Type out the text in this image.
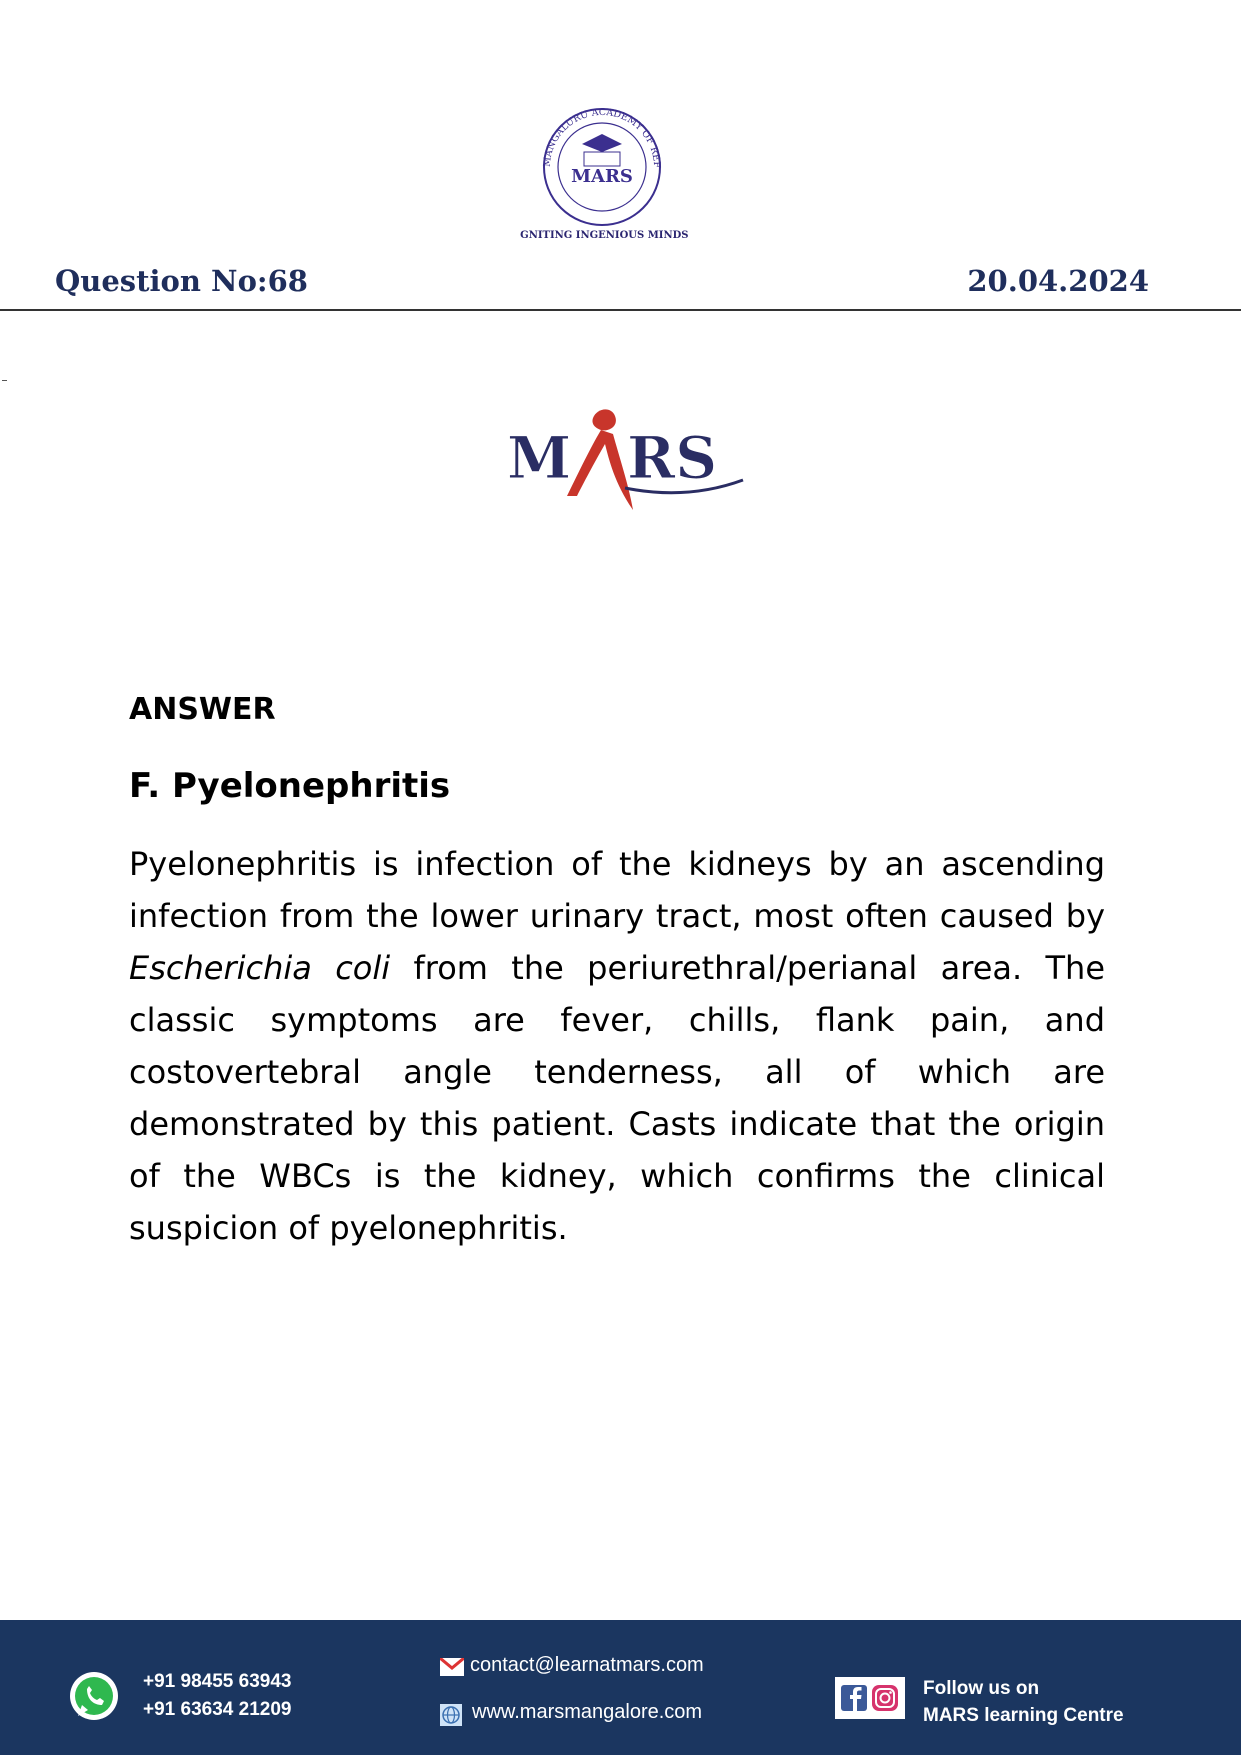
MANGALURU ACADEMY OF REF
MARS
IGNITING INGENIOUS MINDS
Question No:68	20.04.2024
M RS
ANSWER
F. Pyelonephritis
Pyelonephritis is infection of the kidneys by an ascending infection from the lower urinary tract, most often caused by Escherichia coli from the periurethral/perianal area. The classic symptoms are fever, chills, flank pain, and costovertebral angle tenderness, all of which are demonstrated by this patient. Casts indicate that the origin of the WBCs is the kidney, which confirms the clinical suspicion of pyelonephritis.
+91 98455 63943
+91 63634 21209
contact@learnatmars.com
www.marsmangalore.com
Follow us on
MARS learning Centre
